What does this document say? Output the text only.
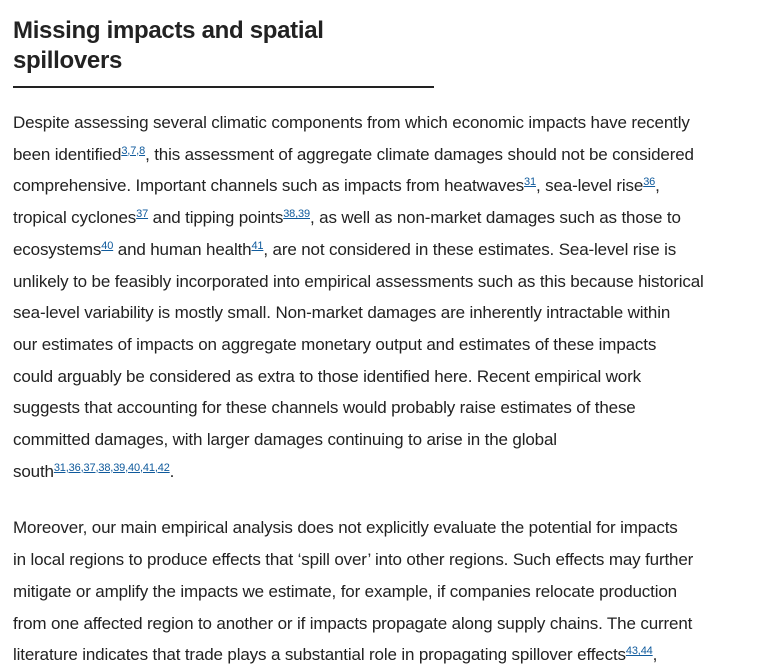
Missing impacts and spatial spillovers

Despite assessing several climatic components from which economic impacts have recently
been identified$^{3,7,8}$, this assessment of aggregate climate damages should not be considered
comprehensive. Important channels such as impacts from heatwaves$^{31}$, sea-level rise$^{36}$,
tropical cyclones$^{37}$ and tipping points$^{38,39}$, as well as non-market damages such as those to
ecosystems$^{40}$ and human health$^{41}$, are not considered in these estimates. Sea-level rise is
unlikely to be feasibly incorporated into empirical assessments such as this because historical
sea-level variability is mostly small. Non-market damages are inherently intractable within
our estimates of impacts on aggregate monetary output and estimates of these impacts
could arguably be considered as extra to those identified here. Recent empirical work
suggests that accounting for these channels would probably raise estimates of these
committed damages, with larger damages continuing to arise in the global
south$^{31,36,37,38,39,40,41,42}$.

Moreover, our main empirical analysis does not explicitly evaluate the potential for impacts
in local regions to produce effects that ‘spill over’ into other regions. Such effects may further
mitigate or amplify the impacts we estimate, for example, if companies relocate production
from one affected region to another or if impacts propagate along supply chains. The current
literature indicates that trade plays a substantial role in propagating spillover effects$^{43,44}$,
